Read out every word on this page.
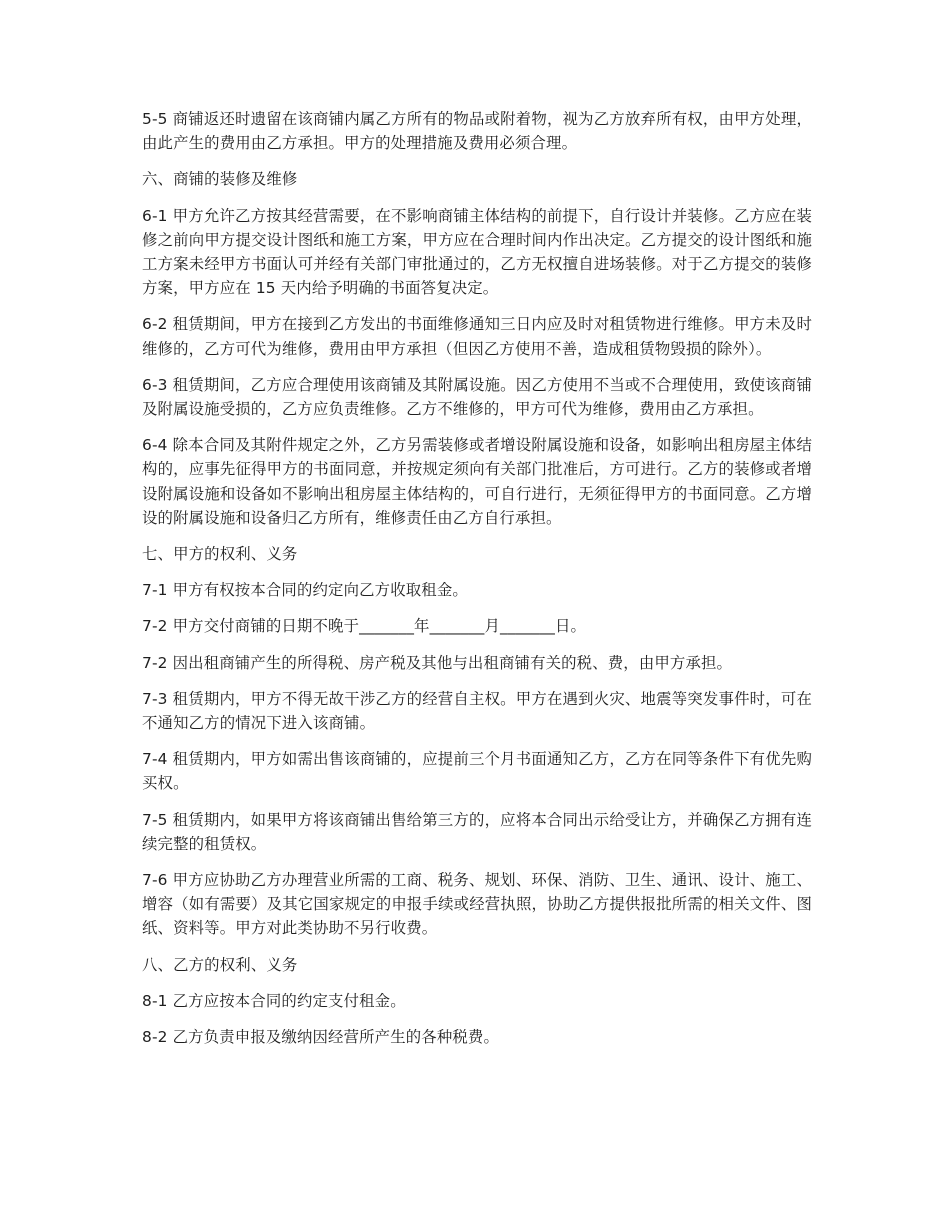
5-5 商铺返还时遗留在该商铺内属乙方所有的物品或附着物，视为乙方放弃所有权，由甲方处理，由此产生的费用由乙方承担。甲方的处理措施及费用必须合理。

六、商铺的装修及维修

6-1 甲方允许乙方按其经营需要，在不影响商铺主体结构的前提下，自行设计并装修。乙方应在装修之前向甲方提交设计图纸和施工方案，甲方应在合理时间内作出决定。乙方提交的设计图纸和施工方案未经甲方书面认可并经有关部门审批通过的，乙方无权擅自进场装修。对于乙方提交的装修方案，甲方应在 15 天内给予明确的书面答复决定。

6-2 租赁期间，甲方在接到乙方发出的书面维修通知三日内应及时对租赁物进行维修。甲方未及时维修的，乙方可代为维修，费用由甲方承担（但因乙方使用不善，造成租赁物毁损的除外）。

6-3 租赁期间，乙方应合理使用该商铺及其附属设施。因乙方使用不当或不合理使用，致使该商铺及附属设施受损的，乙方应负责维修。乙方不维修的，甲方可代为维修，费用由乙方承担。

6-4 除本合同及其附件规定之外，乙方另需装修或者增设附属设施和设备，如影响出租房屋主体结构的，应事先征得甲方的书面同意，并按规定须向有关部门批准后，方可进行。乙方的装修或者增设附属设施和设备如不影响出租房屋主体结构的，可自行进行，无须征得甲方的书面同意。乙方增设的附属设施和设备归乙方所有，维修责任由乙方自行承担。

七、甲方的权利、义务

7-1 甲方有权按本合同的约定向乙方收取租金。

7-2 甲方交付商铺的日期不晚于_______年_______月_______日。

7-2 因出租商铺产生的所得税、房产税及其他与出租商铺有关的税、费，由甲方承担。

7-3 租赁期内，甲方不得无故干涉乙方的经营自主权。甲方在遇到火灾、地震等突发事件时，可在不通知乙方的情况下进入该商铺。

7-4 租赁期内，甲方如需出售该商铺的，应提前三个月书面通知乙方，乙方在同等条件下有优先购买权。

7-5 租赁期内，如果甲方将该商铺出售给第三方的，应将本合同出示给受让方，并确保乙方拥有连续完整的租赁权。

7-6 甲方应协助乙方办理营业所需的工商、税务、规划、环保、消防、卫生、通讯、设计、施工、增容（如有需要）及其它国家规定的申报手续或经营执照，协助乙方提供报批所需的相关文件、图纸、资料等。甲方对此类协助不另行收费。

八、乙方的权利、义务

8-1 乙方应按本合同的约定支付租金。

8-2 乙方负责申报及缴纳因经营所产生的各种税费。
